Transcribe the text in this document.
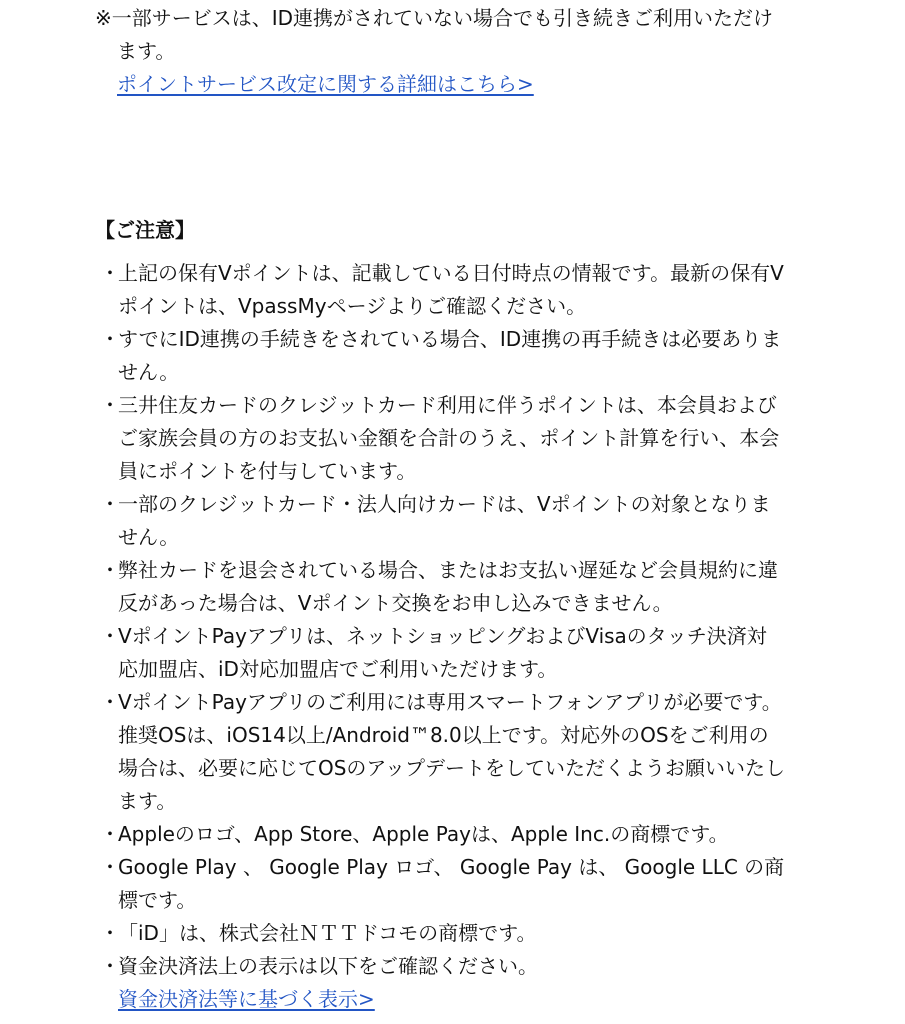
※一部サービスは、ID連携がされていない場合でも引き続きご利用いただけ
ます。
ポイントサービス改定に関する詳細はこちら>
【ご注意】
・
上記の保有Vポイントは、記載している日付時点の情報です。最新の保有V
ポイントは、VpassMyページよりご確認ください。
・
すでにID連携の手続きをされている場合、ID連携の再手続きは必要ありま
せん。
・
三井住友カードのクレジットカード利用に伴うポイントは、本会員および
ご家族会員の方のお支払い金額を合計のうえ、ポイント計算を行い、本会
員にポイントを付与しています。
・
一部のクレジットカード・法人向けカードは、Vポイントの対象となりま
せん。
・
弊社カードを退会されている場合、またはお支払い遅延など会員規約に違
反があった場合は、Vポイント交換をお申し込みできません。
・
VポイントPayアプリは、ネットショッピングおよびVisaのタッチ決済対
応加盟店、iD対応加盟店でご利用いただけます。
・
VポイントPayアプリのご利用には専用スマートフォンアプリが必要です。
推奨OSは、iOS14以上/Android™8.0以上です。対応外のOSをご利用の
場合は、必要に応じてOSのアップデートをしていただくようお願いいたし
ます。
・
Appleのロゴ、App Store、Apple Payは、Apple Inc.の商標です。
・
Google Play 、 Google Play ロゴ、 Google Pay は、 Google LLC の商
標です。
・
「iD」は、株式会社ＮＴＴドコモの商標です。
・
資金決済法上の表示は以下をご確認ください。
資金決済法等に基づく表示>
